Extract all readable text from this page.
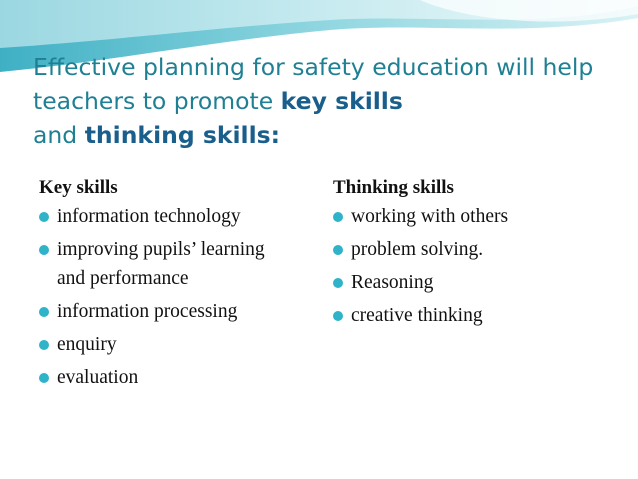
Effective planning for safety education will help teachers to promote key skills
and thinking skills:
Key skills
information technology
improving pupils’ learning and performance
information processing
enquiry
evaluation
Thinking skills
working with others
problem solving.
Reasoning
creative thinking
